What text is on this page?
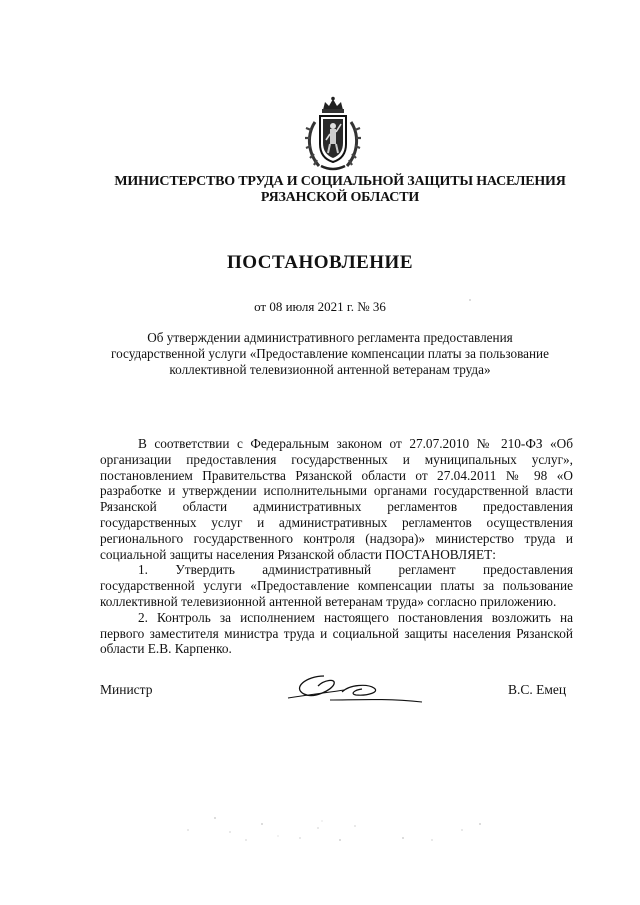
МИНИСТЕРСТВО ТРУДА И СОЦИАЛЬНОЙ ЗАЩИТЫ НАСЕЛЕНИЯ
РЯЗАНСКОЙ ОБЛАСТИ
ПОСТАНОВЛЕНИЕ
от 08 июля 2021 г. № 36
Об утверждении административного регламента предоставления государственной услуги «Предоставление компенсации платы за пользование коллективной телевизионной антенной ветеранам труда»

В соответствии с Федеральным законом от 27.07.2010 № 210-ФЗ «Об организации предоставления государственных и муниципальных услуг», постановлением Правительства Рязанской области от 27.04.2011 № 98 «О разработке и утверждении исполнительными органами государственной власти Рязанской области административных регламентов предоставления государственных услуг и административных регламентов осуществления регионального государственного контроля (надзора)» министерство труда и социальной защиты населения Рязанской области ПОСТАНОВЛЯЕТ:

1. Утвердить административный регламент предоставления государственной услуги «Предоставление компенсации платы за пользование коллективной телевизионной антенной ветеранам труда» согласно приложению.

2. Контроль за исполнением настоящего постановления возложить на первого заместителя министра труда и социальной защиты населения Рязанской области Е.В. Карпенко.

Министр	В.С. Емец
